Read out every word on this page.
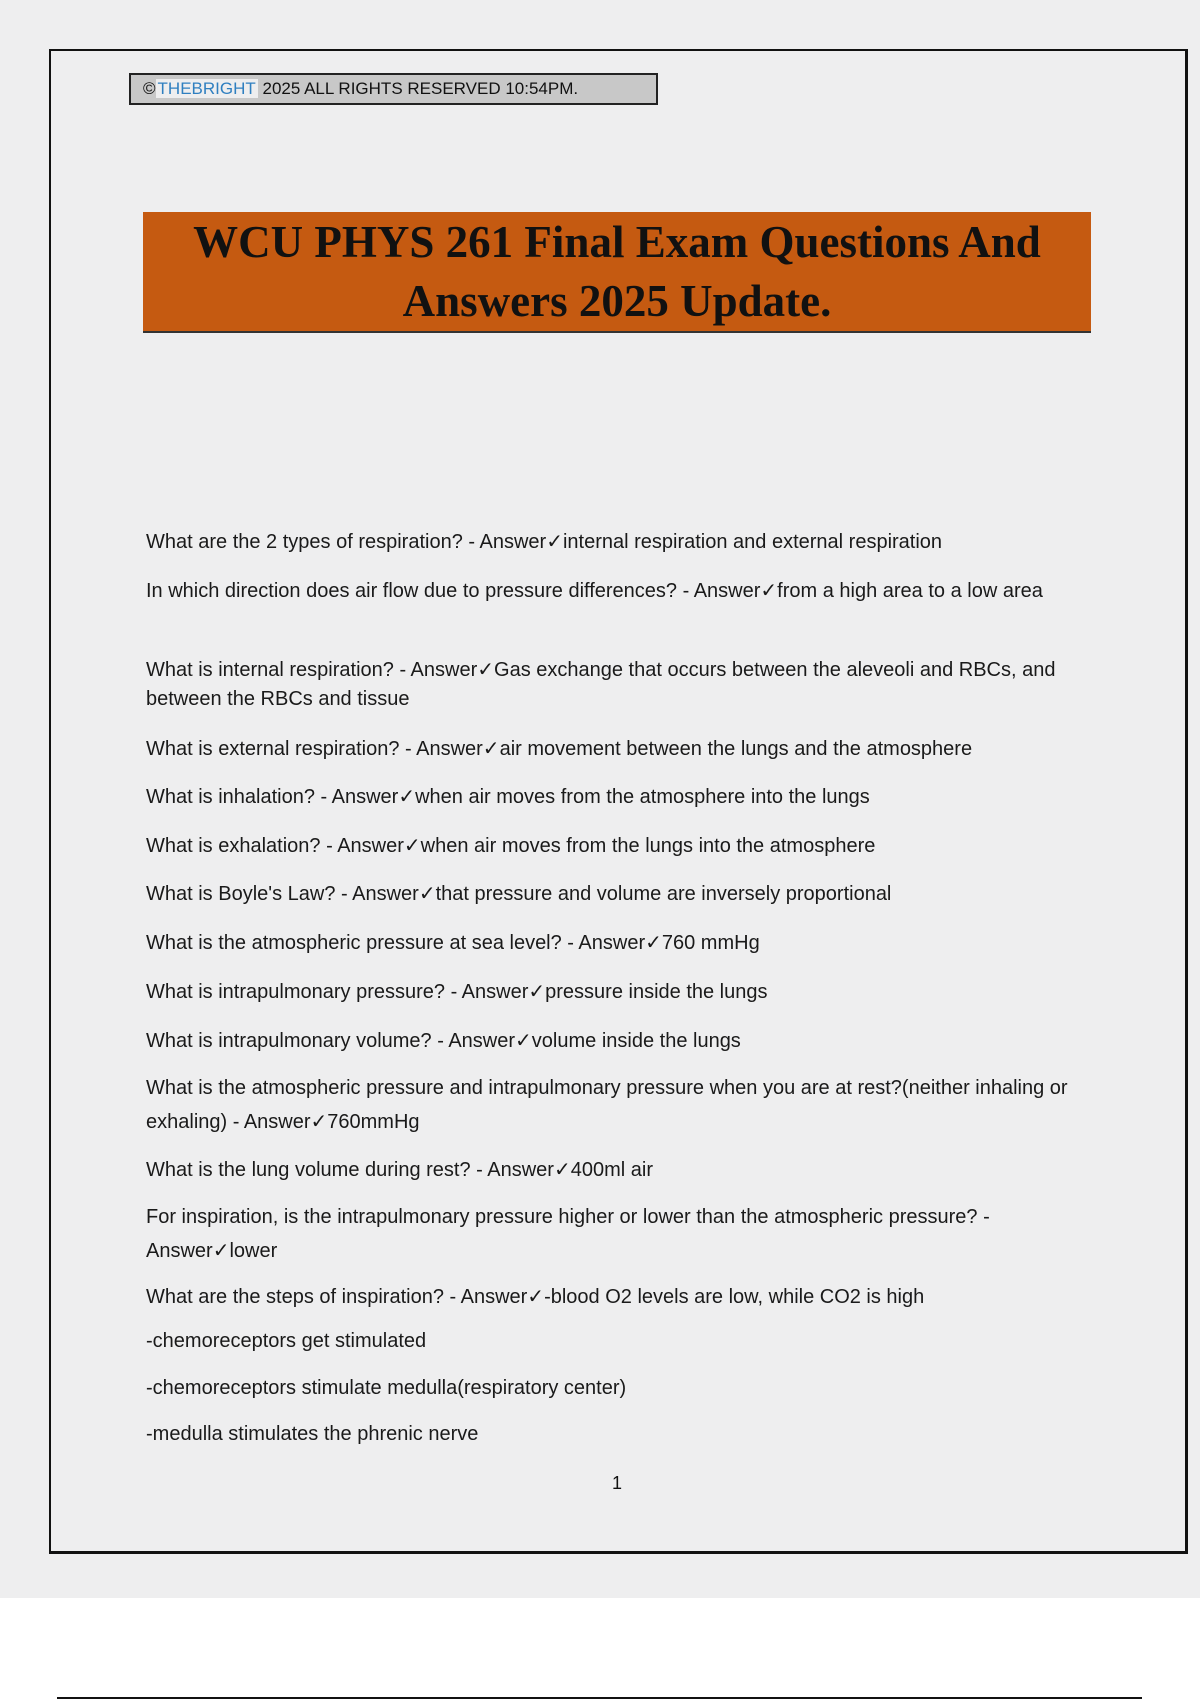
© THEBRIGHT 2025 ALL RIGHTS RESERVED 10:54PM.
WCU PHYS 261 Final Exam Questions And Answers 2025 Update.
What are the 2 types of respiration? - Answer✓internal respiration and external respiration
In which direction does air flow due to pressure differences? - Answer✓from a high area to a low area
What is internal respiration? - Answer✓Gas exchange that occurs between the aleveoli and RBCs, and between the RBCs and tissue
What is external respiration? - Answer✓air movement between the lungs and the atmosphere
What is inhalation? - Answer✓when air moves from the atmosphere into the lungs
What is exhalation? - Answer✓when air moves from the lungs into the atmosphere
What is Boyle's Law? - Answer✓that pressure and volume are inversely proportional
What is the atmospheric pressure at sea level? - Answer✓760 mmHg
What is intrapulmonary pressure? - Answer✓pressure inside the lungs
What is intrapulmonary volume? - Answer✓volume inside the lungs
What is the atmospheric pressure and intrapulmonary pressure when you are at rest?(neither inhaling or exhaling) - Answer✓760mmHg
What is the lung volume during rest? - Answer✓400ml air
For inspiration, is the intrapulmonary pressure higher or lower than the atmospheric pressure? - Answer✓lower
What are the steps of inspiration? - Answer✓-blood O2 levels are low, while CO2 is high
-chemoreceptors get stimulated
-chemoreceptors stimulate medulla(respiratory center)
-medulla stimulates the phrenic nerve
1
